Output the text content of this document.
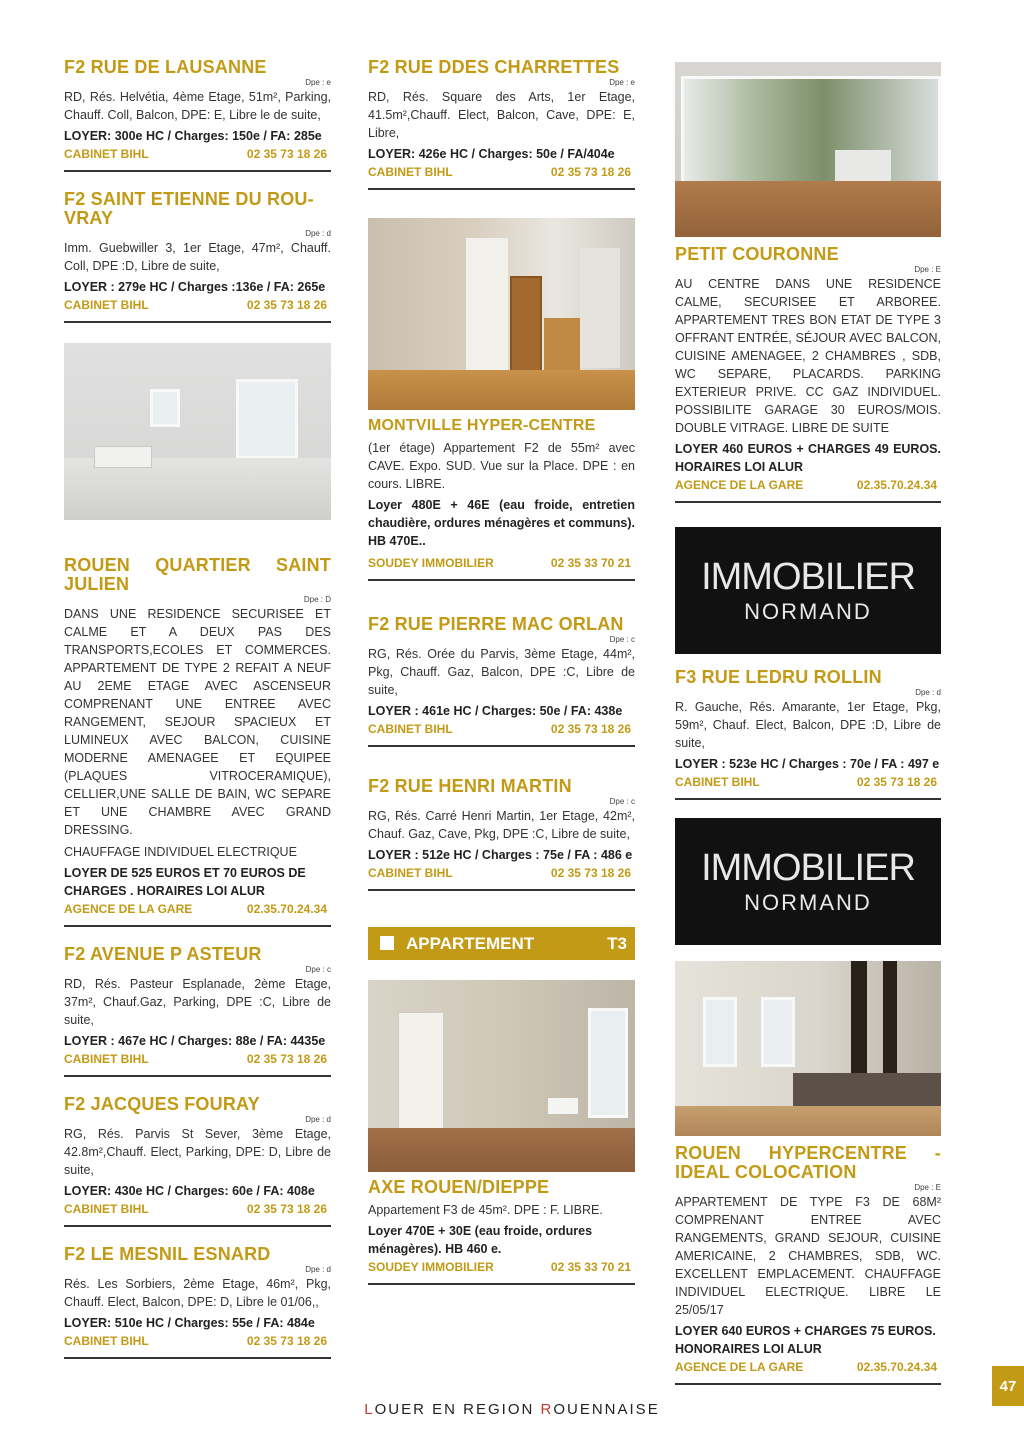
F2 RUE DE LAUSANNE
Dpe : e
RD, Rés. Helvétia, 4ème Etage, 51m², Parking, Chauff. Coll, Balcon, DPE: E, Libre le de suite,
LOYER: 300e HC / Charges: 150e / FA: 285e
CABINET BIHL	02 35 73 18 26
F2 SAINT ETIENNE DU ROU-VRAY
Dpe : d
Imm. Guebwiller 3, 1er Etage, 47m², Chauff. Coll, DPE :D, Libre de suite,
LOYER : 279e HC / Charges :136e / FA: 265e
CABINET BIHL	02 35 73 18 26
ROUEN QUARTIER SAINT JULIEN
Dpe : D
DANS UNE RESIDENCE SECURISEE ET CALME ET A DEUX PAS DES TRANSPORTS,ECOLES ET COMMERCES. APPARTEMENT DE TYPE 2 REFAIT A NEUF AU 2EME ETAGE AVEC ASCENSEUR COMPRENANT UNE ENTREE AVEC RANGEMENT, SEJOUR SPACIEUX ET LUMINEUX AVEC BALCON, CUISINE MODERNE AMENAGEE ET EQUIPEE (PLAQUES VITROCERAMIQUE), CELLIER,UNE SALLE DE BAIN, WC SEPARE ET UNE CHAMBRE AVEC GRAND DRESSING.
CHAUFFAGE INDIVIDUEL ELECTRIQUE
LOYER DE 525 EUROS ET 70 EUROS DE CHARGES . HORAIRES LOI ALUR
AGENCE DE LA GARE	02.35.70.24.34
F2 AVENUE P ASTEUR
Dpe : c
RD, Rés. Pasteur Esplanade, 2ème Etage, 37m², Chauf.Gaz, Parking, DPE :C, Libre de suite,
LOYER : 467e HC / Charges: 88e / FA: 4435e
CABINET BIHL	02 35 73 18 26
F2 JACQUES FOURAY
Dpe : d
RG, Rés. Parvis St Sever, 3ème Etage, 42.8m²,Chauff. Elect, Parking, DPE: D, Libre de suite,
LOYER: 430e HC / Charges: 60e / FA: 408e
CABINET BIHL	02 35 73 18 26
F2 LE MESNIL ESNARD
Dpe : d
Rés. Les Sorbiers, 2ème Etage, 46m², Pkg, Chauff. Elect, Balcon, DPE: D, Libre le 01/06,,
LOYER: 510e HC / Charges: 55e / FA: 484e
CABINET BIHL	02 35 73 18 26
F2 RUE DDES CHARRETTES
Dpe : e
RD, Rés. Square des Arts, 1er Etage, 41.5m²,Chauff. Elect, Balcon, Cave, DPE: E, Libre,
LOYER: 426e HC / Charges: 50e / FA/404e
CABINET BIHL	02 35 73 18 26
MONTVILLE HYPER-CENTRE
(1er étage) Appartement F2 de 55m² avec CAVE. Expo. SUD. Vue sur la Place. DPE : en cours. LIBRE.
Loyer 480E + 46E (eau froide, entretien chaudière, ordures ménagères et communs). HB 470E..
SOUDEY IMMOBILIER	02 35 33 70 21
F2 RUE PIERRE MAC ORLAN
Dpe : c
RG, Rés. Orée du Parvis, 3ème Etage, 44m², Pkg, Chauff. Gaz, Balcon, DPE :C, Libre de suite,
LOYER : 461e HC / Charges: 50e / FA: 438e
CABINET BIHL	02 35 73 18 26
F2 RUE HENRI MARTIN
Dpe : c
RG, Rés. Carré Henri Martin, 1er Etage, 42m², Chauf. Gaz, Cave, Pkg, DPE :C, Libre de suite,
LOYER : 512e HC / Charges : 75e / FA : 486 e
CABINET BIHL	02 35 73 18 26
APPARTEMENT	T3
AXE ROUEN/DIEPPE
Appartement F3 de 45m². DPE : F. LIBRE.
Loyer 470E + 30E (eau froide, ordures ménagères). HB 460 e.
SOUDEY IMMOBILIER	02 35 33 70 21
PETIT COURONNE
Dpe : E
AU CENTRE DANS UNE RESIDENCE CALME, SECURISEE ET ARBOREE. APPARTEMENT TRES BON ETAT DE TYPE 3 OFFRANT ENTRÉE, SÉJOUR AVEC BALCON, CUISINE AMENAGEE, 2 CHAMBRES , SDB, WC SEPARE, PLACARDS. PARKING EXTERIEUR PRIVE. CC GAZ INDIVIDUEL. POSSIBILITE GARAGE 30 EUROS/MOIS. DOUBLE VITRAGE. LIBRE DE SUITE
LOYER 460 EUROS + CHARGES 49 EUROS. HORAIRES LOI ALUR
AGENCE DE LA GARE	02.35.70.24.34
IMMOBILIER
NORMAND
F3 RUE LEDRU ROLLIN
Dpe : d
R. Gauche, Rés. Amarante, 1er Etage, Pkg, 59m², Chauf. Elect, Balcon, DPE :D, Libre de suite,
LOYER : 523e HC / Charges : 70e / FA : 497 e
CABINET BIHL	02 35 73 18 26
IMMOBILIER
NORMAND
ROUEN HYPERCENTRE - IDEAL COLOCATION
Dpe : E
APPARTEMENT DE TYPE F3 DE 68M² COMPRENANT ENTREE AVEC RANGEMENTS, GRAND SEJOUR, CUISINE AMERICAINE, 2 CHAMBRES, SDB, WC. EXCELLENT EMPLACEMENT. CHAUFFAGE INDIVIDUEL ELECTRIQUE. LIBRE LE 25/05/17
LOYER 640 EUROS + CHARGES 75 EUROS. HONORAIRES LOI ALUR
AGENCE DE LA GARE	02.35.70.24.34
LOUER EN REGION ROUENNAISE
47
